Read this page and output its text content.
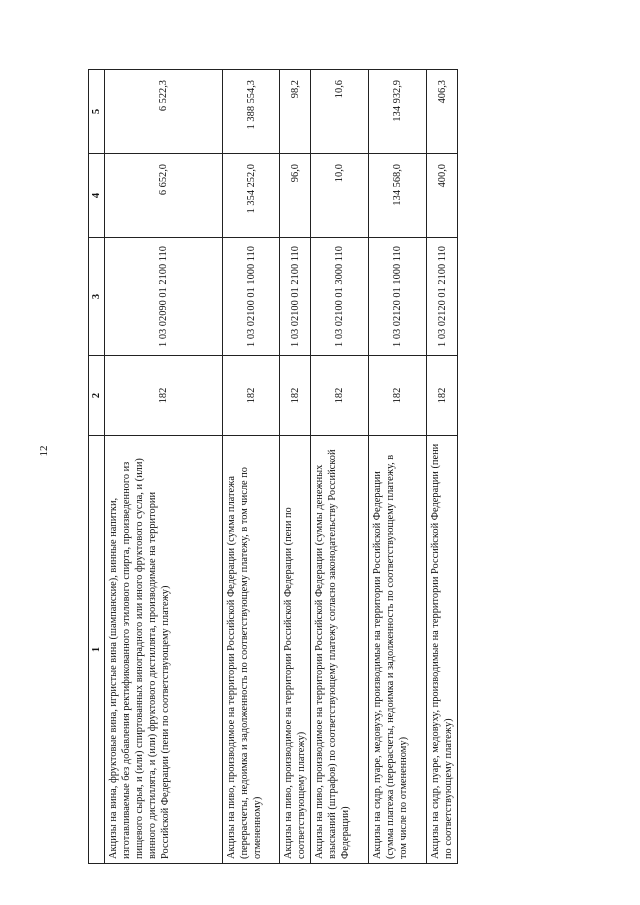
12
1	2	3	4	5
Акцизы на вина, фруктовые вина, игристые вина (шампанские), винные напитки, изготавливаемые без добавления ректификованного этилового спирта, произведенного из пищевого сырья, и (или) спиртованных виноградного или иного фруктового сусла, и (или) винного дистиллята, и (или) фруктового дистиллята, производимые на территории Российской Федерации (пени по соответствующему платежу)	182	1 03 02090 01 2100 110	6 652,0	6 522,3
Акцизы на пиво, производимое на территории Российской Федерации (сумма платежа (перерасчеты, недоимка и задолженность по соответствующему платежу, в том числе по отмененному)	182	1 03 02100 01 1000 110	1 354 252,0	1 388 554,3
Акцизы на пиво, производимое на территории Российской Федерации (пени по соответствующему платежу)	182	1 03 02100 01 2100 110	96,0	98,2
Акцизы на пиво, производимое на территории Российской Федерации (суммы денежных взысканий (штрафов) по соответствующему платежу согласно законодательству Российской Федерации)	182	1 03 02100 01 3000 110	10,0	10,6
Акцизы на сидр, пуаре, медовуху, производимые на территории Российской Федерации (сумма платежа (перерасчеты, недоимка и задолженность по соответствующему платежу, в том числе по отмененному)	182	1 03 02120 01 1000 110	134 568,0	134 932,9
Акцизы на сидр, пуаре, медовуху, производимые на территории Российской Федерации (пени по соответствующему платежу)	182	1 03 02120 01 2100 110	400,0	406,3
